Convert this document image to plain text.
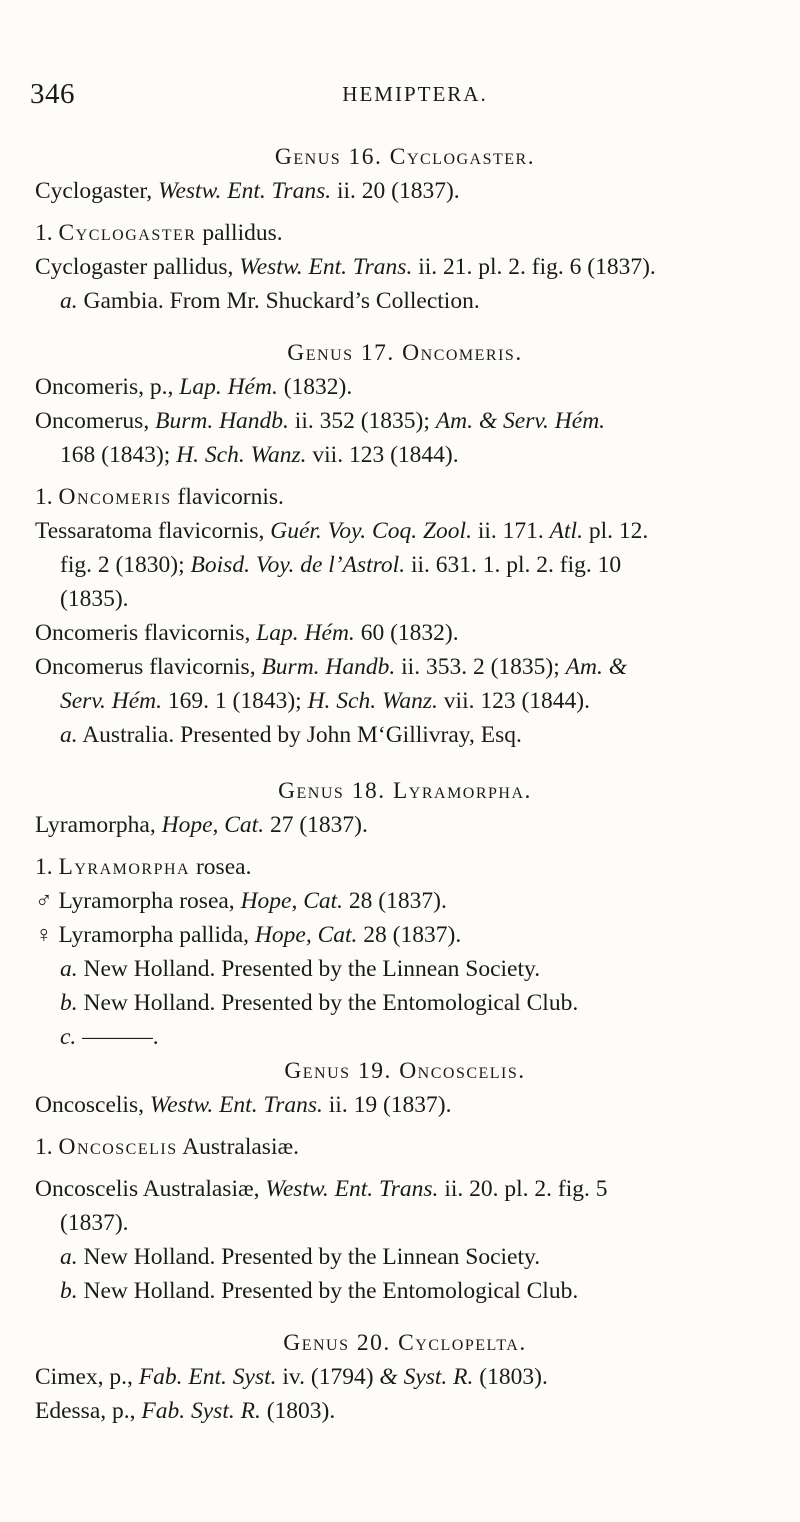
346	HEMIPTERA.
Genus 16. Cyclogaster.
Cyclogaster, Westw. Ent. Trans. ii. 20 (1837).
1. Cyclogaster pallidus.
Cyclogaster pallidus, Westw. Ent. Trans. ii. 21. pl. 2. fig. 6 (1837).
a. Gambia. From Mr. Shuckard’s Collection.
Genus 17. Oncomeris.
Oncomeris, p., Lap. Hém. (1832).
Oncomerus, Burm. Handb. ii. 352 (1835); Am. & Serv. Hém.
168 (1843); H. Sch. Wanz. vii. 123 (1844).
1. Oncomeris flavicornis.
Tessaratoma flavicornis, Guér. Voy. Coq. Zool. ii. 171. Atl. pl. 12.
fig. 2 (1830); Boisd. Voy. de l’Astrol. ii. 631. 1. pl. 2. fig. 10
(1835).
Oncomeris flavicornis, Lap. Hém. 60 (1832).
Oncomerus flavicornis, Burm. Handb. ii. 353. 2 (1835); Am. &
Serv. Hém. 169. 1 (1843); H. Sch. Wanz. vii. 123 (1844).
a. Australia. Presented by John M‘Gillivray, Esq.
Genus 18. Lyramorpha.
Lyramorpha, Hope, Cat. 27 (1837).
1. Lyramorpha rosea.
♂ Lyramorpha rosea, Hope, Cat. 28 (1837).
♀ Lyramorpha pallida, Hope, Cat. 28 (1837).
a. New Holland. Presented by the Linnean Society.
b. New Holland. Presented by the Entomological Club.
c. ———.
Genus 19. Oncoscelis.
Oncoscelis, Westw. Ent. Trans. ii. 19 (1837).
1. Oncoscelis Australasiæ.
Oncoscelis Australasiæ, Westw. Ent. Trans. ii. 20. pl. 2. fig. 5
(1837).
a. New Holland. Presented by the Linnean Society.
b. New Holland. Presented by the Entomological Club.
Genus 20. Cyclopelta.
Cimex, p., Fab. Ent. Syst. iv. (1794) & Syst. R. (1803).
Edessa, p., Fab. Syst. R. (1803).
